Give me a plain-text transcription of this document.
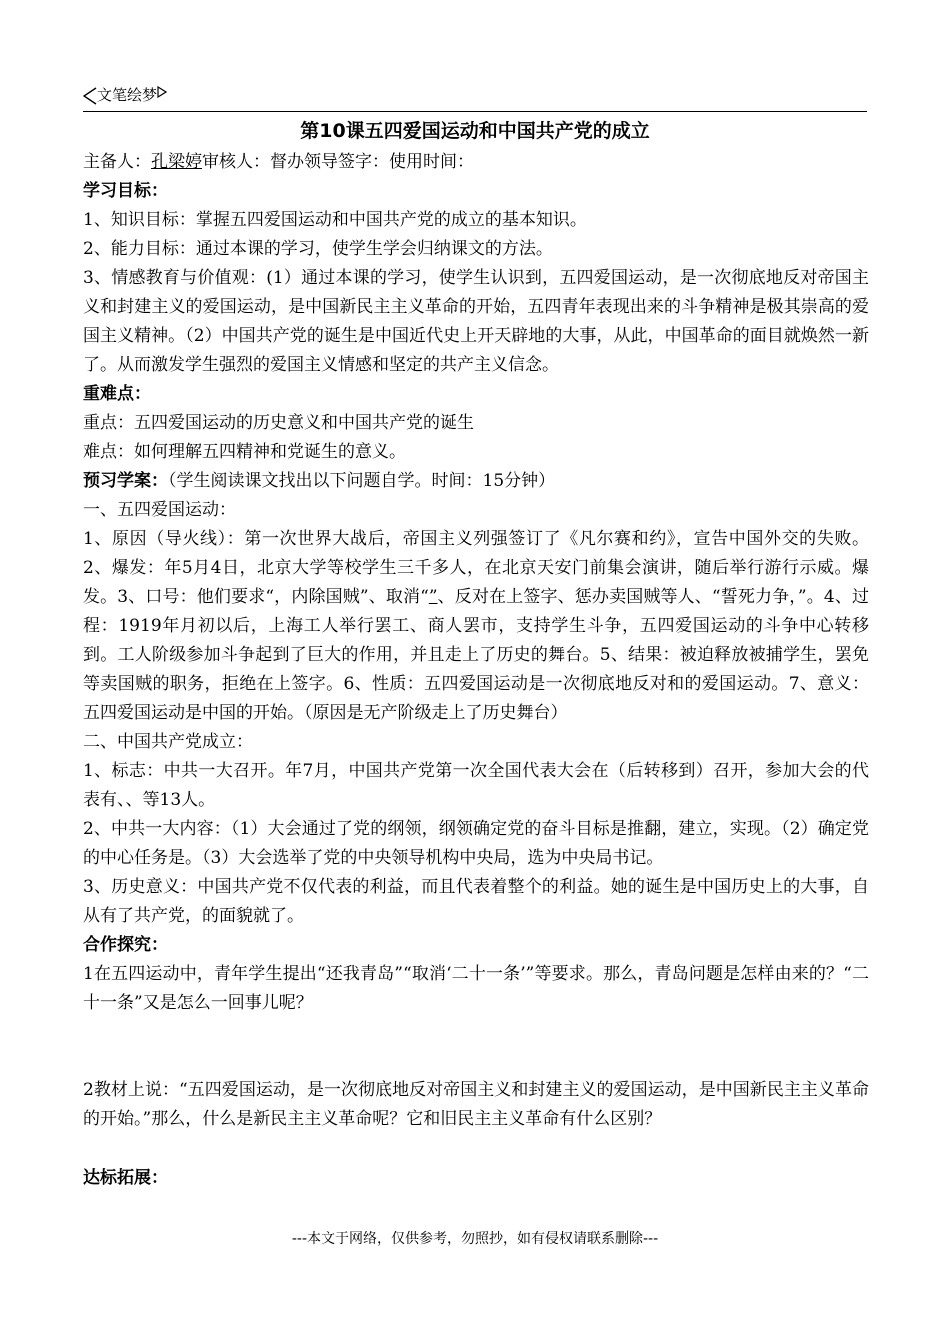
文笔绘梦
第10课五四爱国运动和中国共产党的成立

主备人：孔梁婷审核人：督办领导签字：使用时间：

学习目标：

1、知识目标：掌握五四爱国运动和中国共产党的成立的基本知识。

2、能力目标：通过本课的学习，使学生学会归纳课文的方法。

3、情感教育与价值观：(1）通过本课的学习，使学生认识到，五四爱国运动，是一次彻底地反对帝国主义和封建主义的爱国运动，是中国新民主主义革命的开始，五四青年表现出来的斗争精神是极其崇高的爱国主义精神。（2）中国共产党的诞生是中国近代史上开天辟地的大事，从此，中国革命的面目就焕然一新了。从而激发学生强烈的爱国主义情感和坚定的共产主义信念。

重难点：

重点：五四爱国运动的历史意义和中国共产党的诞生

难点：如何理解五四精神和党诞生的意义。

预习学案：（学生阅读课文找出以下问题自学。时间：15分钟）

一、五四爱国运动：

1、原因（导火线）：第一次世界大战后，帝国主义列强签订了《凡尔赛和约》，宣告中国外交的失败。2、爆发：年5月4日，北京大学等校学生三千多人，在北京天安门前集会演讲，随后举行游行示威。爆发。3、口号：他们要求“，内除国贼”、取消“”、反对在上签字、惩办卖国贼等人、“誓死力争，”。4、过程：1919年月初以后，上海工人举行罢工、商人罢市，支持学生斗争，五四爱国运动的斗争中心转移到。工人阶级参加斗争起到了巨大的作用，并且走上了历史的舞台。5、结果：被迫释放被捕学生，罢免等卖国贼的职务，拒绝在上签字。6、性质：五四爱国运动是一次彻底地反对和的爱国运动。7、意义：五四爱国运动是中国的开始。（原因是无产阶级走上了历史舞台）

二、中国共产党成立：

1、标志：中共一大召开。年7月，中国共产党第一次全国代表大会在（后转移到）召开，参加大会的代表有、、等13人。

2、中共一大内容：（1）大会通过了党的纲领，纲领确定党的奋斗目标是推翻，建立，实现。（2）确定党的中心任务是。（3）大会选举了党的中央领导机构中央局，选为中央局书记。

3、历史意义：中国共产党不仅代表的利益，而且代表着整个的利益。她的诞生是中国历史上的大事，自从有了共产党，的面貌就了。

合作探究：

1在五四运动中，青年学生提出“还我青岛”“取消‘二十一条’”等要求。那么，青岛问题是怎样由来的？“二十一条”又是怎么一回事儿呢？

2教材上说：“五四爱国运动，是一次彻底地反对帝国主义和封建主义的爱国运动，是中国新民主主义革命的开始。”那么，什么是新民主主义革命呢？它和旧民主主义革命有什么区别？

达标拓展：

---本文于网络，仅供参考，勿照抄，如有侵权请联系删除---
